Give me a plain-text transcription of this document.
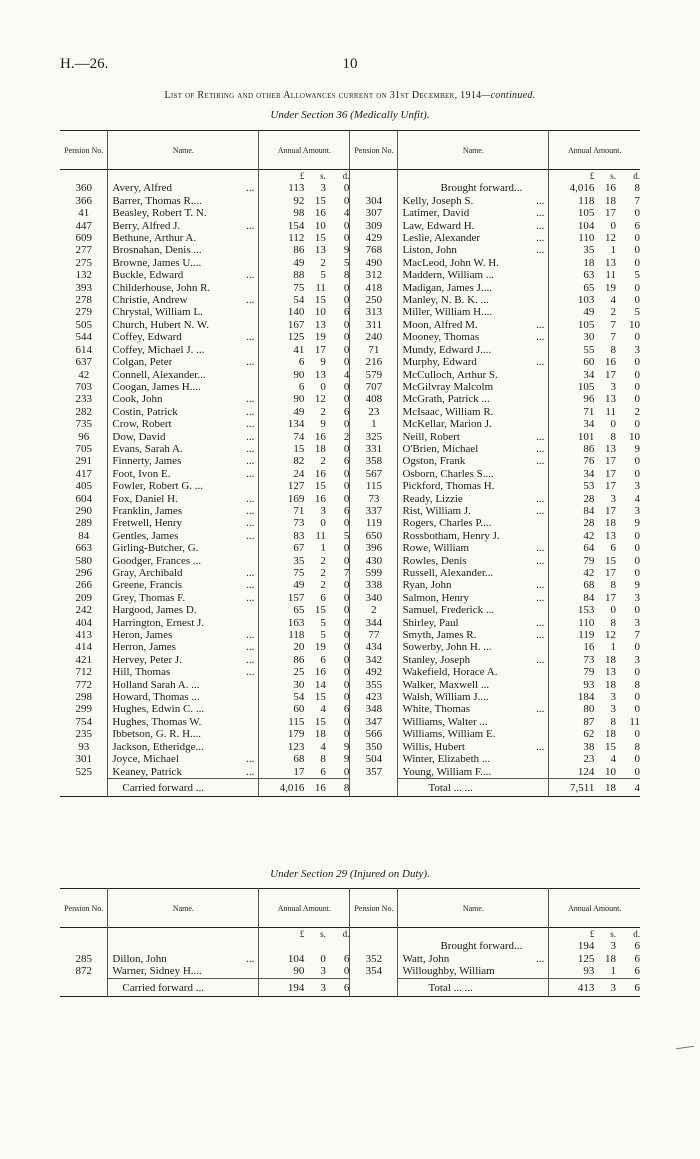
H.—26.	10
List of Retiring and other Allowances current on 31st December, 1914—continued.
Under Section 36 (Medically Unfit).
Pension No.	Name.	Annual Amount.			Pension No.	Name.	Annual Amount.		
		£	s.	d.			£	s.	d.
360	Avery, Alfred ...	113	3	0		Brought forward...	4,016	16	8
366	Barrer, Thomas R....	92	15	0	304	Kelly, Joseph S. ...	118	18	7
41	Beasley, Robert T. N.	98	16	4	307	Latimer, David ...	105	17	0
447	Berry, Alfred J. ...	154	10	0	309	Law, Edward H. ...	104	0	6
609	Bethune, Arthur A.	112	15	0	429	Leslie, Alexander ...	110	12	0
277	Brosnahan, Denis ...	86	13	9	768	Liston, John ...	35	1	0
275	Browne, James U....	49	2	5	490	MacLeod, John W. H.	18	13	0
132	Buckle, Edward ...	88	5	8	312	Maddern, William ...	63	11	5
393	Childerhouse, John R.	75	11	0	418	Madigan, James J....	65	19	0
278	Christie, Andrew ...	54	15	0	250	Manley, N. B. K. ...	103	4	0
279	Chrystal, William L.	140	10	6	313	Miller, William H....	49	2	5
505	Church, Hubert N. W.	167	13	0	311	Moon, Alfred M. ...	105	7	10
544	Coffey, Edward ...	125	19	0	240	Mooney, Thomas ...	30	7	0
614	Coffey, Michael J. ...	41	17	0	71	Mundy, Edward J....	55	8	3
637	Colgan, Peter ...	6	9	0	216	Murphy, Edward ...	60	16	0
42	Connell, Alexander...	90	13	4	579	McCulloch, Arthur S.	34	17	0
703	Coogan, James H....	6	0	0	707	McGilvray Malcolm	105	3	0
233	Cook, John ...	90	12	0	408	McGrath, Patrick ...	96	13	0
282	Costin, Patrick ...	49	2	6	23	McIsaac, William R.	71	11	2
735	Crow, Robert ...	134	9	0	1	McKellar, Marion J.	34	0	0
96	Dow, David ...	74	16	2	325	Neill, Robert ...	101	8	10
705	Evans, Sarah A. ...	15	18	0	331	O'Brien, Michael ...	86	13	9
291	Finnerty, James ...	82	2	6	358	Ogston, Frank ...	76	17	0
417	Foot, Ivon E. ...	24	16	0	567	Osborn, Charles S....	34	17	0
405	Fowler, Robert G. ...	127	15	0	115	Pickford, Thomas H.	53	17	3
604	Fox, Daniel H. ...	169	16	0	73	Ready, Lizzie ...	28	3	4
290	Franklin, James ...	71	3	6	337	Rist, William J. ...	84	17	3
289	Fretwell, Henry ...	73	0	0	119	Rogers, Charles P....	28	18	9
84	Gentles, James ...	83	11	5	650	Rossbotham, Henry J.	42	13	0
663	Girling-Butcher, G.	67	1	0	396	Rowe, William ...	64	6	0
580	Goodger, Frances ...	35	2	0	430	Rowles, Denis ...	79	15	0
296	Gray, Archibald ...	75	2	7	599	Russell, Alexander...	42	17	0
266	Greene, Francis ...	49	2	0	338	Ryan, John ...	68	8	9
209	Grey, Thomas F. ...	157	6	0	340	Salmon, Henry ...	84	17	3
242	Hargood, James D.	65	15	0	2	Samuel, Frederick ...	153	0	0
404	Harrington, Ernest J.	163	5	0	344	Shirley, Paul ...	110	8	3
413	Heron, James ...	118	5	0	77	Smyth, James R. ...	119	12	7
414	Herron, James ...	20	19	0	434	Sowerby, John H. ...	16	1	0
421	Hervey, Peter J. ...	86	6	0	342	Stanley, Joseph ...	73	18	3
712	Hill, Thomas ...	25	16	0	492	Wakefield, Horace A.	79	13	0
772	Holland Sarah A. ...	30	14	0	355	Walker, Maxwell ...	93	18	8
298	Howard, Thomas ...	54	15	0	423	Walsh, William J....	184	3	0
299	Hughes, Edwin C. ...	60	4	6	348	White, Thomas ...	80	3	0
754	Hughes, Thomas W.	115	15	0	347	Williams, Walter ...	87	8	11
235	Ibbetson, G. R. H....	179	18	0	566	Williams, William E.	62	18	0
93	Jackson, Etheridge...	123	4	9	350	Willis, Hubert ...	38	15	8
301	Joyce, Michael ...	68	8	9	504	Winter, Elizabeth ...	23	4	0
525	Keaney, Patrick ...	17	6	0	357	Young, William F....	124	10	0
	Carried forward ...	4,016	16	8		Total ... ...	7,511	18	4
Under Section 29 (Injured on Duty).
Pension No.	Name.	Annual Amount.			Pension No.	Name.	Annual Amount.		
		£	s.	d.			£	s.	d.
						Brought forward...	194	3	6
285	Dillon, John ...	104	0	6	352	Watt, John ...	125	18	6
872	Warner, Sidney H....	90	3	0	354	Willoughby, William	93	1	6
	Carried forward ...	194	3	6		Total ... ...	413	3	6
